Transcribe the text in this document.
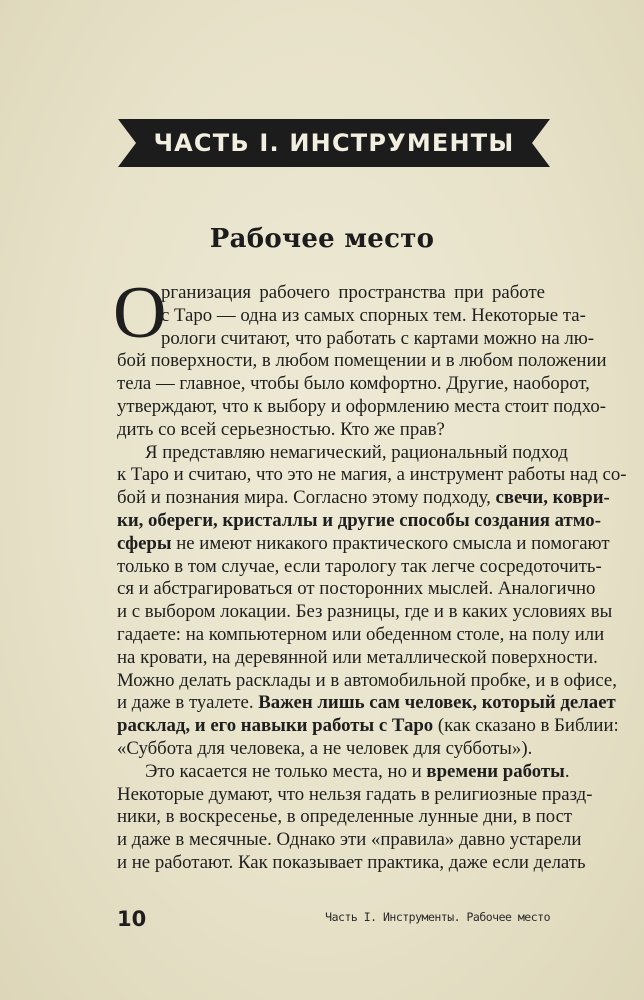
ЧАСТЬ I. ИНСТРУМЕНТЫ
Рабочее место
О
рганизация рабочего пространства при работе
с Таро — одна из самых спорных тем. Некоторые та-
рологи считают, что работать с картами можно на лю-
бой поверхности, в любом помещении и в любом положении
тела — главное, чтобы было комфортно. Другие, наоборот,
утверждают, что к выбору и оформлению места стоит подхо-
дить со всей серьезностью. Кто же прав?
Я представляю немагический, рациональный подход
к Таро и считаю, что это не магия, а инструмент работы над со-
бой и познания мира. Согласно этому подходу, свечи, коври-
ки, обереги, кристаллы и другие способы создания атмо-
сферы не имеют никакого практического смысла и помогают
только в том случае, если тарологу так легче сосредоточить-
ся и абстрагироваться от посторонних мыслей. Аналогично
и с выбором локации. Без разницы, где и в каких условиях вы
гадаете: на компьютерном или обеденном столе, на полу или
на кровати, на деревянной или металлической поверхности.
Можно делать расклады и в автомобильной пробке, и в офисе,
и даже в туалете. Важен лишь сам человек, который делает
расклад, и его навыки работы с Таро (как сказано в Библии:
«Суббота для человека, а не человек для субботы»).
Это касается не только места, но и времени работы.
Некоторые думают, что нельзя гадать в религиозные празд-
ники, в воскресенье, в определенные лунные дни, в пост
и даже в месячные. Однако эти «правила» давно устарели
и не работают. Как показывает практика, даже если делать
10	Часть I. Инструменты. Рабочее место
